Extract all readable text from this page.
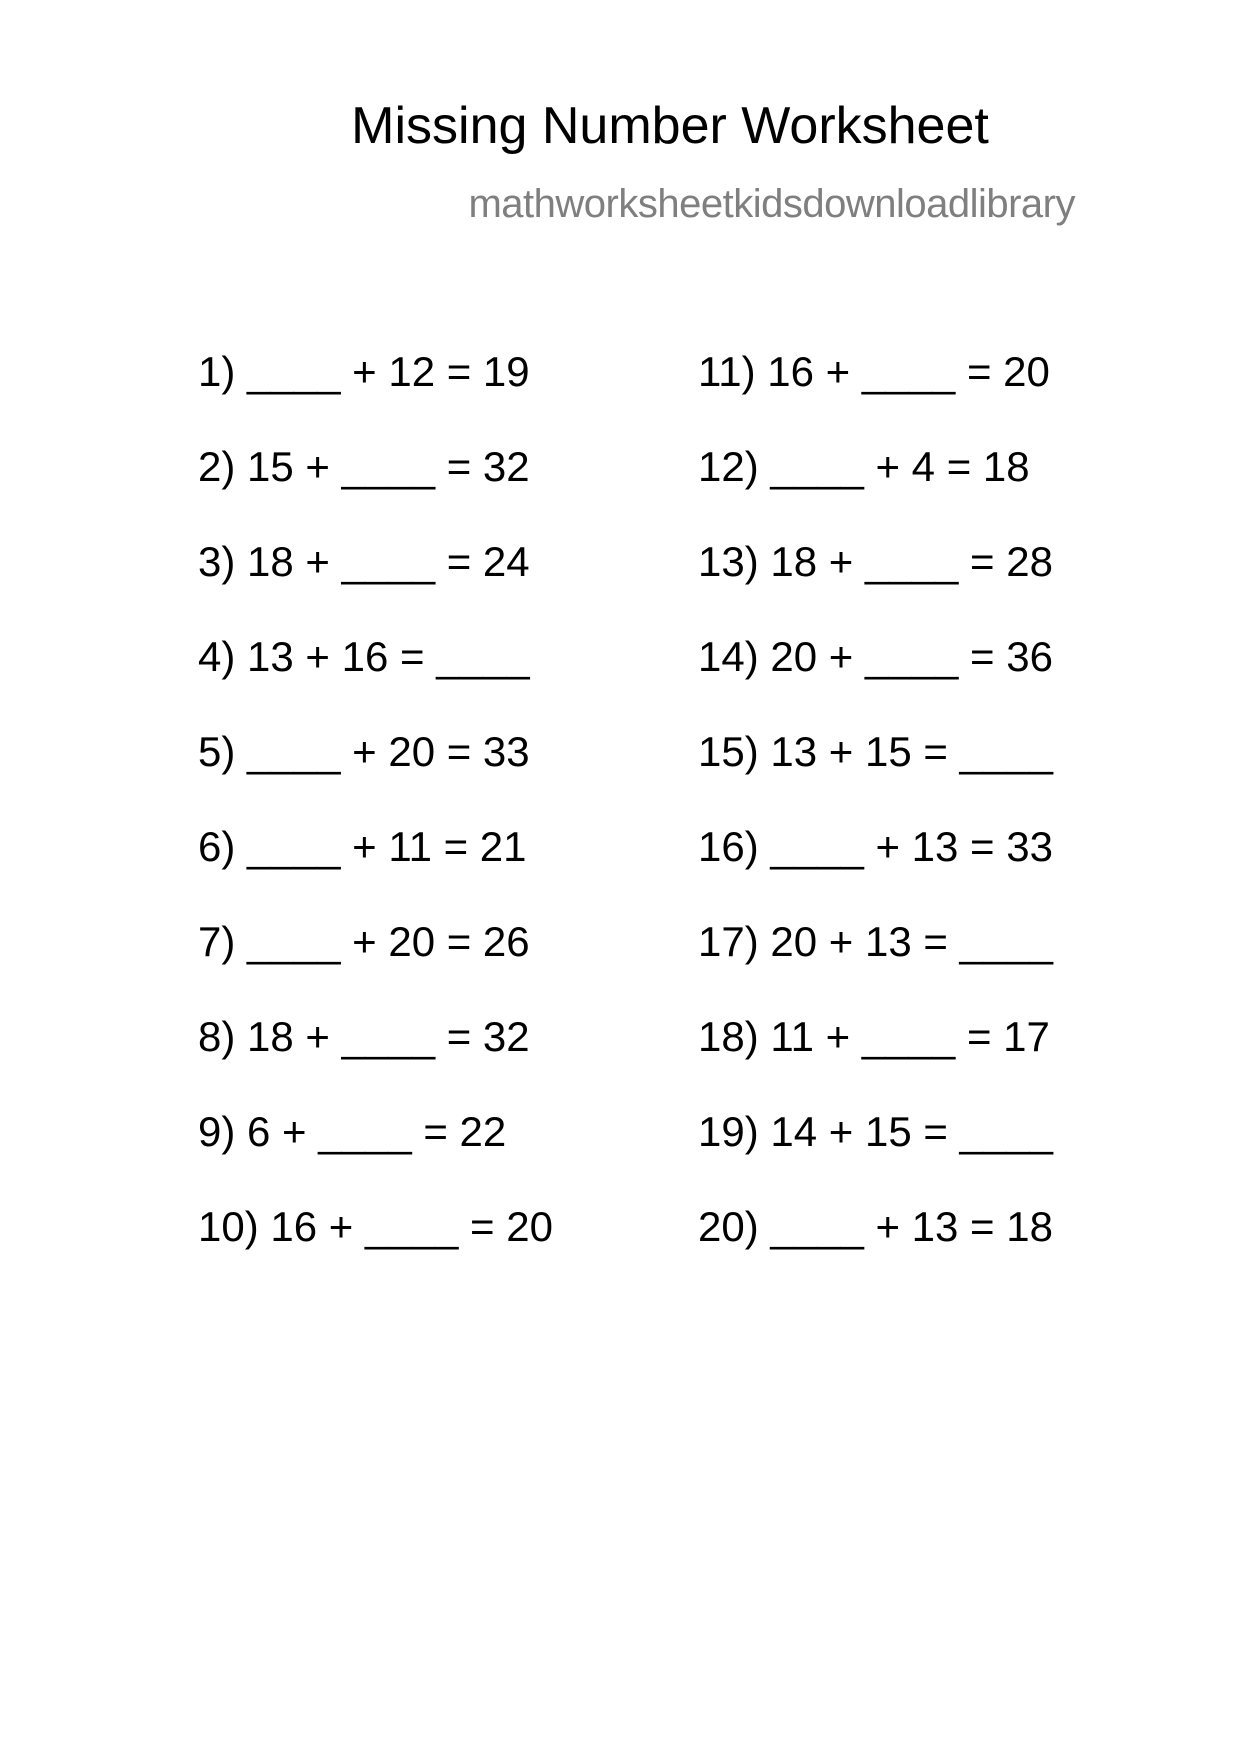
Missing Number Worksheet
mathworksheetkidsdownloadlibrary
1) ____ + 12 = 19
2) 15 + ____ = 32
3) 18 + ____ = 24
4) 13 + 16 = ____
5) ____ + 20 = 33
6) ____ + 11 = 21
7) ____ + 20 = 26
8) 18 + ____ = 32
9) 6 + ____ = 22
10) 16 + ____ = 20
11) 16 + ____ = 20
12) ____ + 4 = 18
13) 18 + ____ = 28
14) 20 + ____ = 36
15) 13 + 15 = ____
16) ____ + 13 = 33
17) 20 + 13 = ____
18) 11 + ____ = 17
19) 14 + 15 = ____
20) ____ + 13 = 18
